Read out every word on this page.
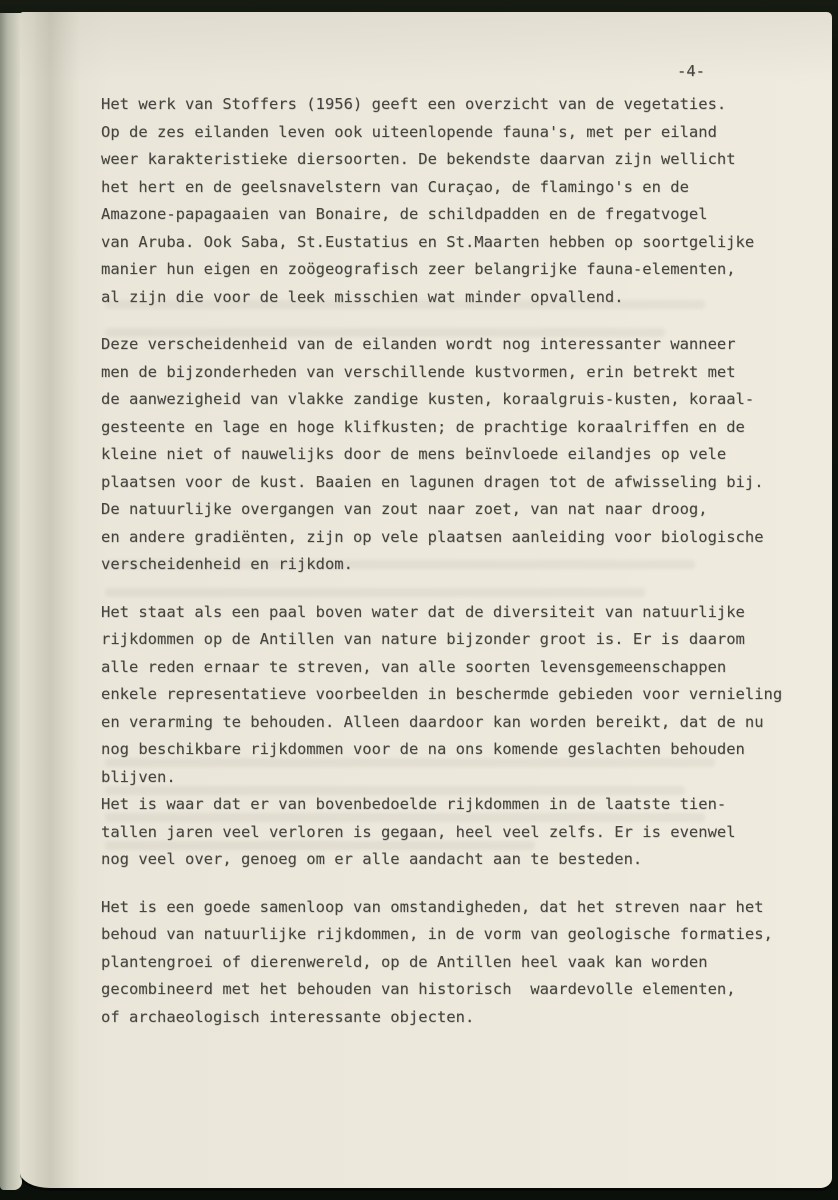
-4-

Het werk van Stoffers (1956) geeft een overzicht van de vegetaties.
Op de zes eilanden leven ook uiteenlopende fauna's, met per eiland
weer karakteristieke diersoorten. De bekendste daarvan zijn wellicht
het hert en de geelsnavelstern van Curaçao, de flamingo's en de
Amazone-papagaaien van Bonaire, de schildpadden en de fregatvogel
van Aruba. Ook Saba, St.Eustatius en St.Maarten hebben op soortgelijke
manier hun eigen en zoögeografisch zeer belangrijke fauna-elementen,
al zijn die voor de leek misschien wat minder opvallend.

Deze verscheidenheid van de eilanden wordt nog interessanter wanneer
men de bijzonderheden van verschillende kustvormen, erin betrekt met
de aanwezigheid van vlakke zandige kusten, koraalgruis-kusten, koraal-
gesteente en lage en hoge klifkusten; de prachtige koraalriffen en de
kleine niet of nauwelijks door de mens beïnvloede eilandjes op vele
plaatsen voor de kust. Baaien en lagunen dragen tot de afwisseling bij.
De natuurlijke overgangen van zout naar zoet, van nat naar droog,
en andere gradiënten, zijn op vele plaatsen aanleiding voor biologische
verscheidenheid en rijkdom.

Het staat als een paal boven water dat de diversiteit van natuurlijke
rijkdommen op de Antillen van nature bijzonder groot is. Er is daarom
alle reden ernaar te streven, van alle soorten levensgemeenschappen
enkele representatieve voorbeelden in beschermde gebieden voor vernieling
en verarming te behouden. Alleen daardoor kan worden bereikt, dat de nu
nog beschikbare rijkdommen voor de na ons komende geslachten behouden
blijven.
Het is waar dat er van bovenbedoelde rijkdommen in de laatste tien-
tallen jaren veel verloren is gegaan, heel veel zelfs. Er is evenwel
nog veel over, genoeg om er alle aandacht aan te besteden.

Het is een goede samenloop van omstandigheden, dat het streven naar het
behoud van natuurlijke rijkdommen, in de vorm van geologische formaties,
plantengroei of dierenwereld, op de Antillen heel vaak kan worden
gecombineerd met het behouden van historisch  waardevolle elementen,
of archaeologisch interessante objecten.
